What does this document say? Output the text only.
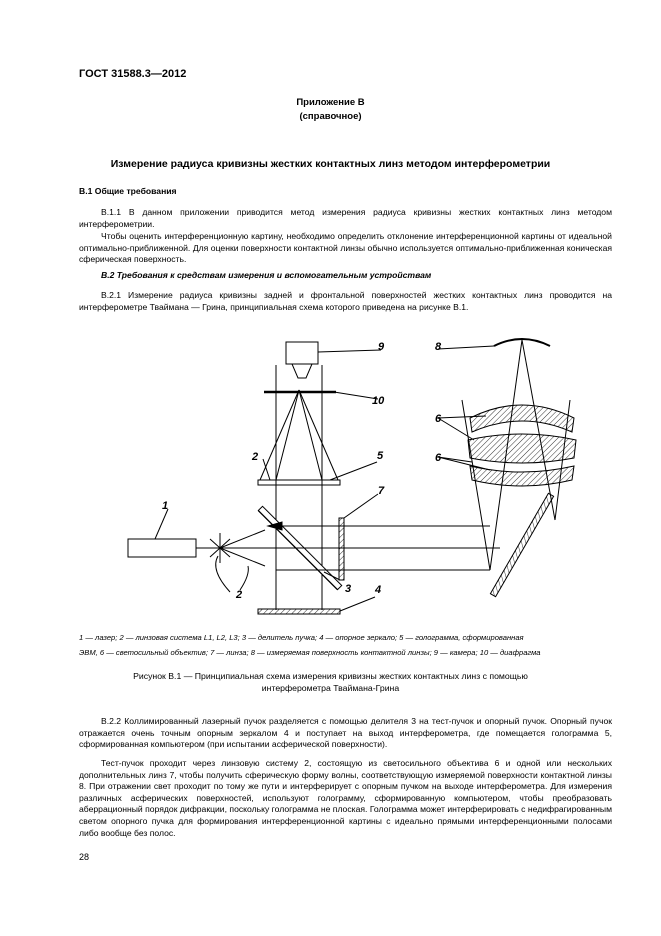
ГОСТ 31588.3—2012
Приложение В
(справочное)
Измерение радиуса кривизны жестких контактных линз методом интерферометрии
В.1 Общие требования
В.1.1 В данном приложении приводится метод измерения радиуса кривизны жестких контактных линз методом интерферометрии.
Чтобы оценить интерференционную картину, необходимо определить отклонение интерференционной картины от идеальной оптимально-приближенной. Для оценки поверхности контактной линзы обычно используется оптимально-приближенная коническая сферическая поверхность.
В.2 Требования к средствам измерения и вспомогательным устройствам
В.2.1 Измерение радиуса кривизны задней и фронтальной поверхностей жестких контактных линз проводится на интерферометре Тваймана — Грина, принципиальная схема которого приведена на рисунке В.1.
9
10
5
7
4
3
2
2
1
8
6
6
1 — лазер; 2 — линзовая система L1, L2, L3; 3 — делитель пучка; 4 — опорное зеркало; 5 — голограмма, сформированная
ЭВМ, 6 — светосильный объектив; 7 — линза; 8 — измеряемая поверхность контактной линзы; 9 — камера; 10 — диафрагма
Рисунок В.1 — Принципиальная схема измерения кривизны жестких контактных линз с помощью
интерферометра Тваймана-Грина
В.2.2 Коллимированный лазерный пучок разделяется с помощью делителя 3 на тест-пучок и опорный пучок. Опорный пучок отражается очень точным опорным зеркалом 4 и поступает на выход интерферометра, где помещается голограмма 5, сформированная компьютером (при испытании асферической поверхности).
Тест-пучок проходит через линзовую систему 2, состоящую из светосильного объектива 6 и одной или нескольких дополнительных линз 7, чтобы получить сферическую форму волны, соответствующую измеряемой поверхности контактной линзы 8. При отражении свет проходит по тому же пути и интерферирует с опорным пучком на выходе интерферометра. Для измерения различных асферических поверхностей, используют голограмму, сформированную компьютером, чтобы преобразовать аберрационный порядок дифракции, поскольку голограмма не плоская. Голограмма может интерферировать с недифрагированным светом опорного пучка для формирования интерференционной картины с идеально прямыми интерференционными полосами либо вообще без полос.
28
